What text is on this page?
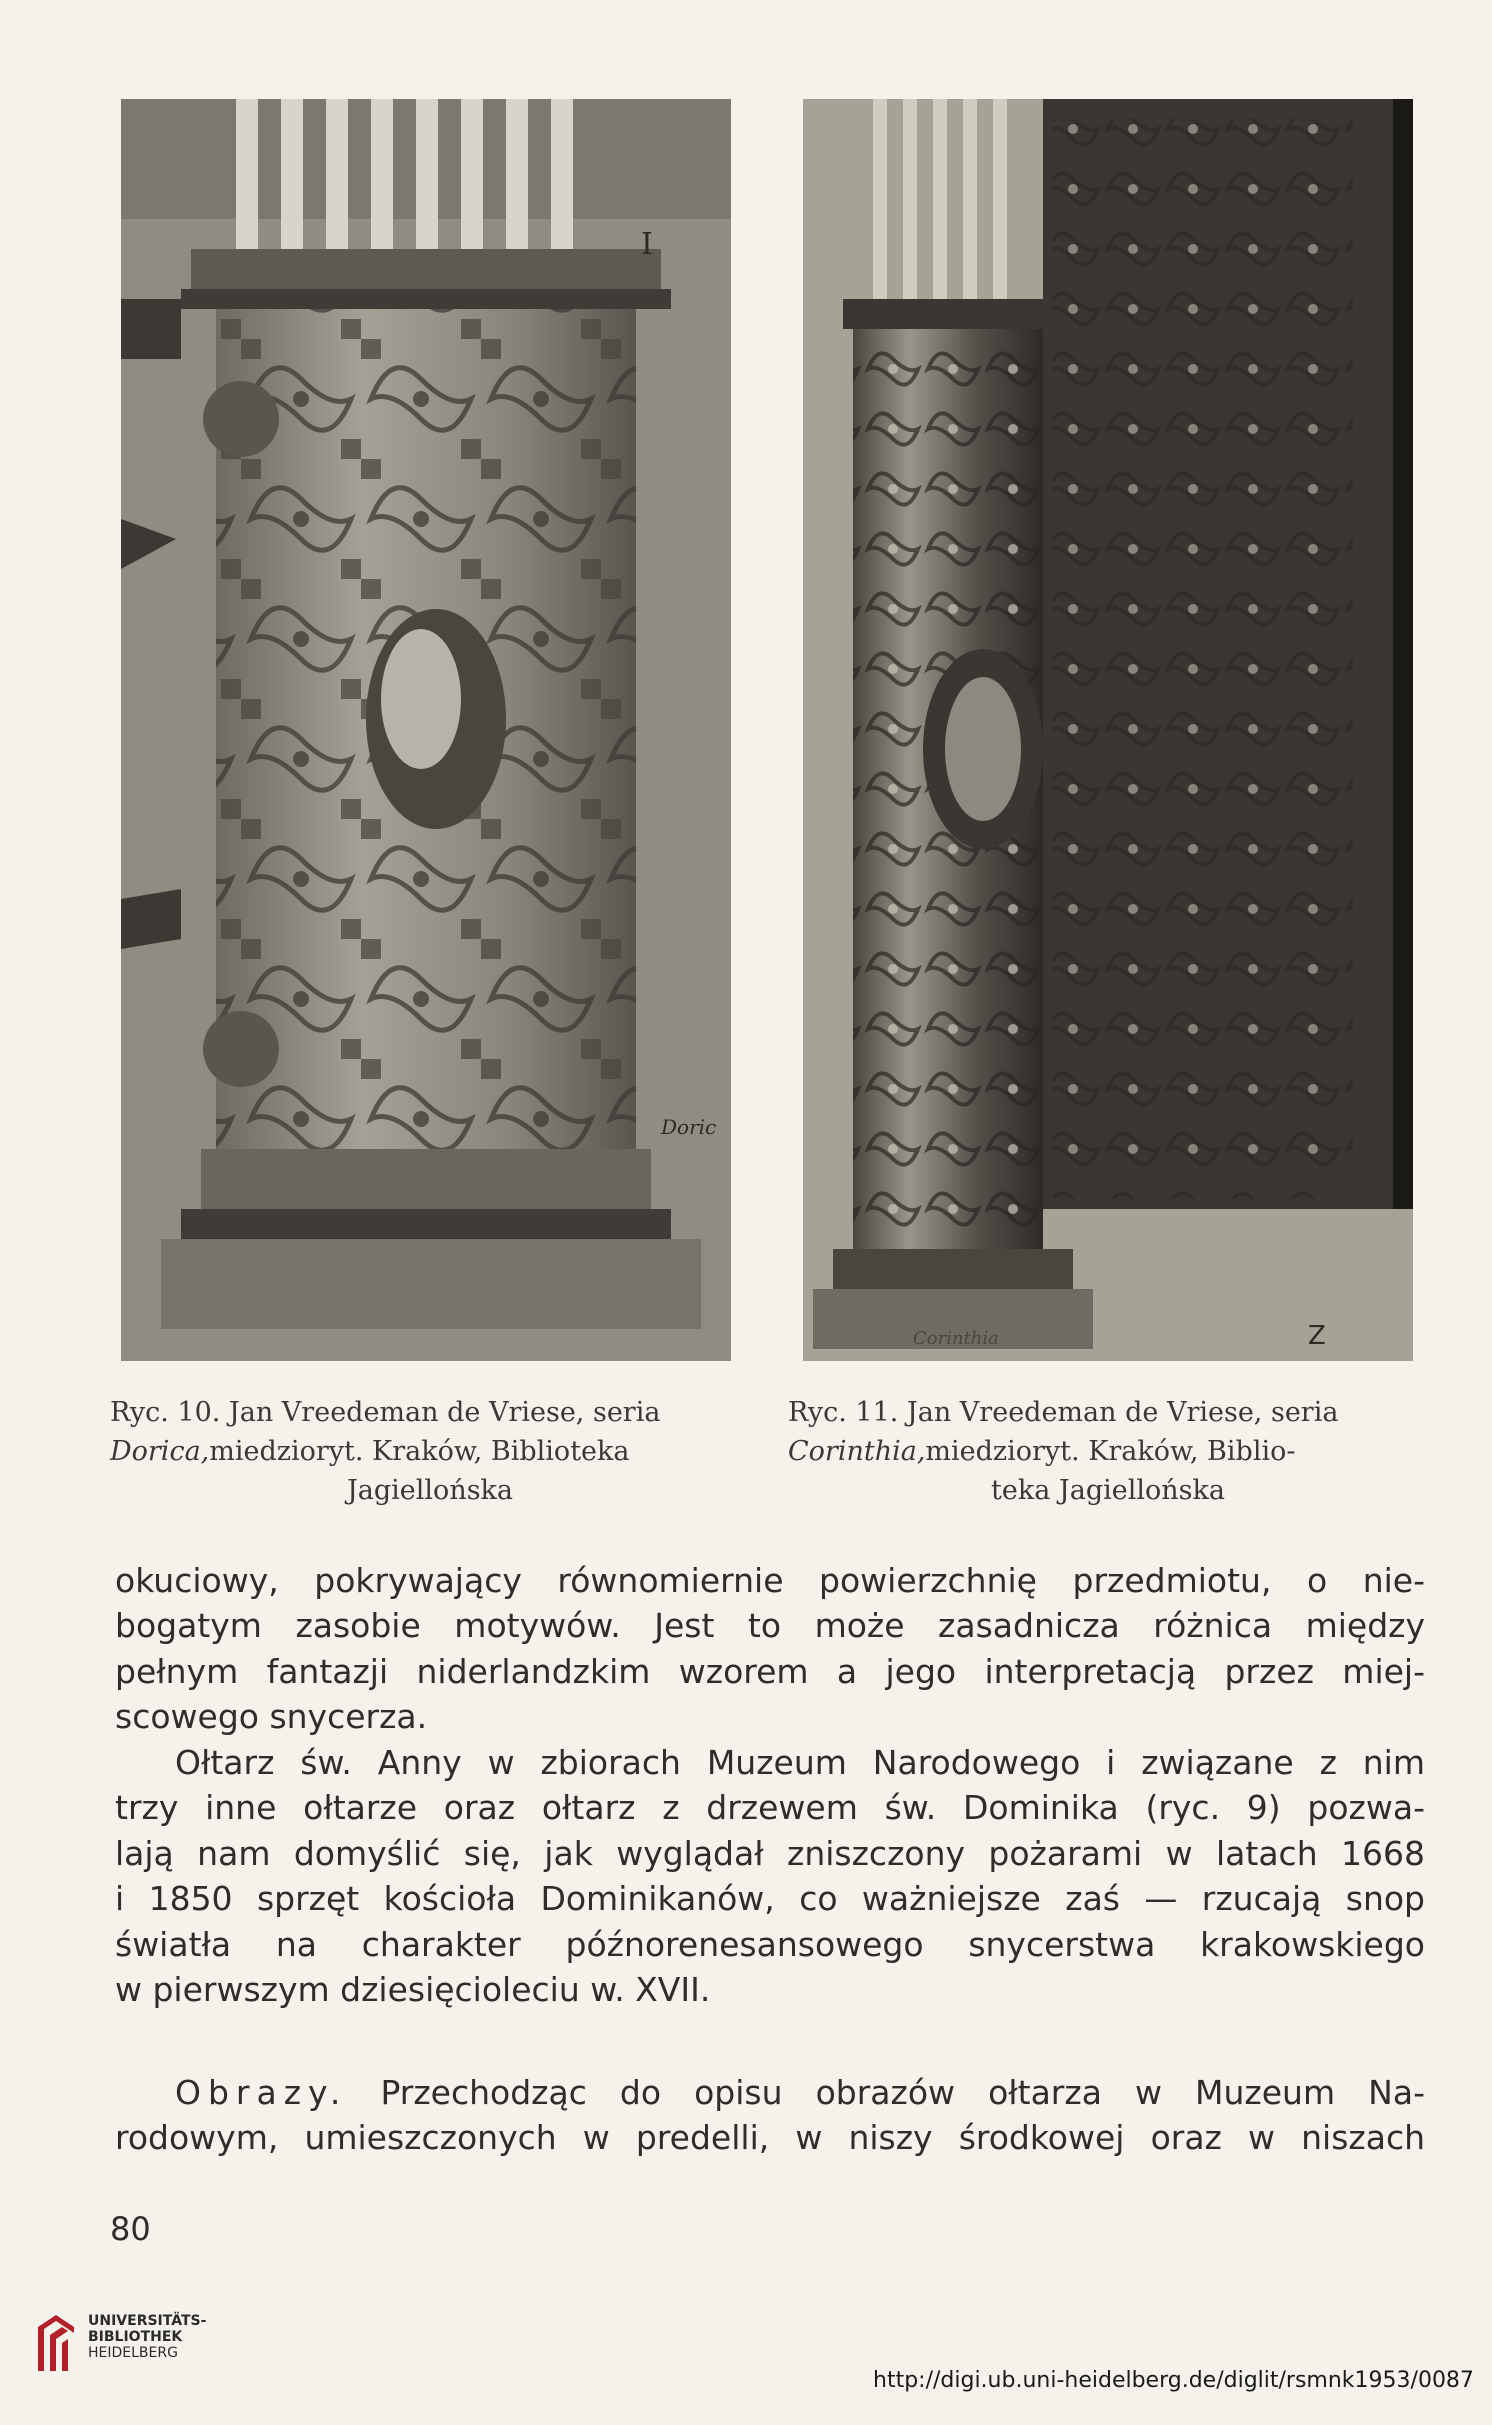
I
Doric
Z
Corinthia
Ryc. 10. Jan Vreedeman de Vriese, seria
Dorica,miedzioryt. Kraków, Biblioteka
Jagiellońska
Ryc. 11. Jan Vreedeman de Vriese, seria
Corinthia,miedzioryt. Kraków, Biblio-
teka Jagiellońska
okuciowy, pokrywający równomiernie powierzchnię przedmiotu, o nie-
bogatym zasobie motywów. Jest to może zasadnicza różnica między
pełnym fantazji niderlandzkim wzorem a jego interpretacją przez miej-
scowego snycerza.
Ołtarz św. Anny w zbiorach Muzeum Narodowego i związane z nim
trzy inne ołtarze oraz ołtarz z drzewem św. Dominika (ryc. 9) pozwa-
lają nam domyślić się, jak wyglądał zniszczony pożarami w latach 1668
i 1850 sprzęt kościoła Dominikanów, co ważniejsze zaś — rzucają snop
światła na charakter późnorenesansowego snycerstwa krakowskiego
w pierwszym dziesięcioleciu w. XVII.
Obrazy. Przechodząc do opisu obrazów ołtarza w Muzeum Na-
rodowym, umieszczonych w predelli, w niszy środkowej oraz w niszach
80
UNIVERSITÄTS-
BIBLIOTHEK
HEIDELBERG
http://digi.ub.uni-heidelberg.de/diglit/rsmnk1953/0087
